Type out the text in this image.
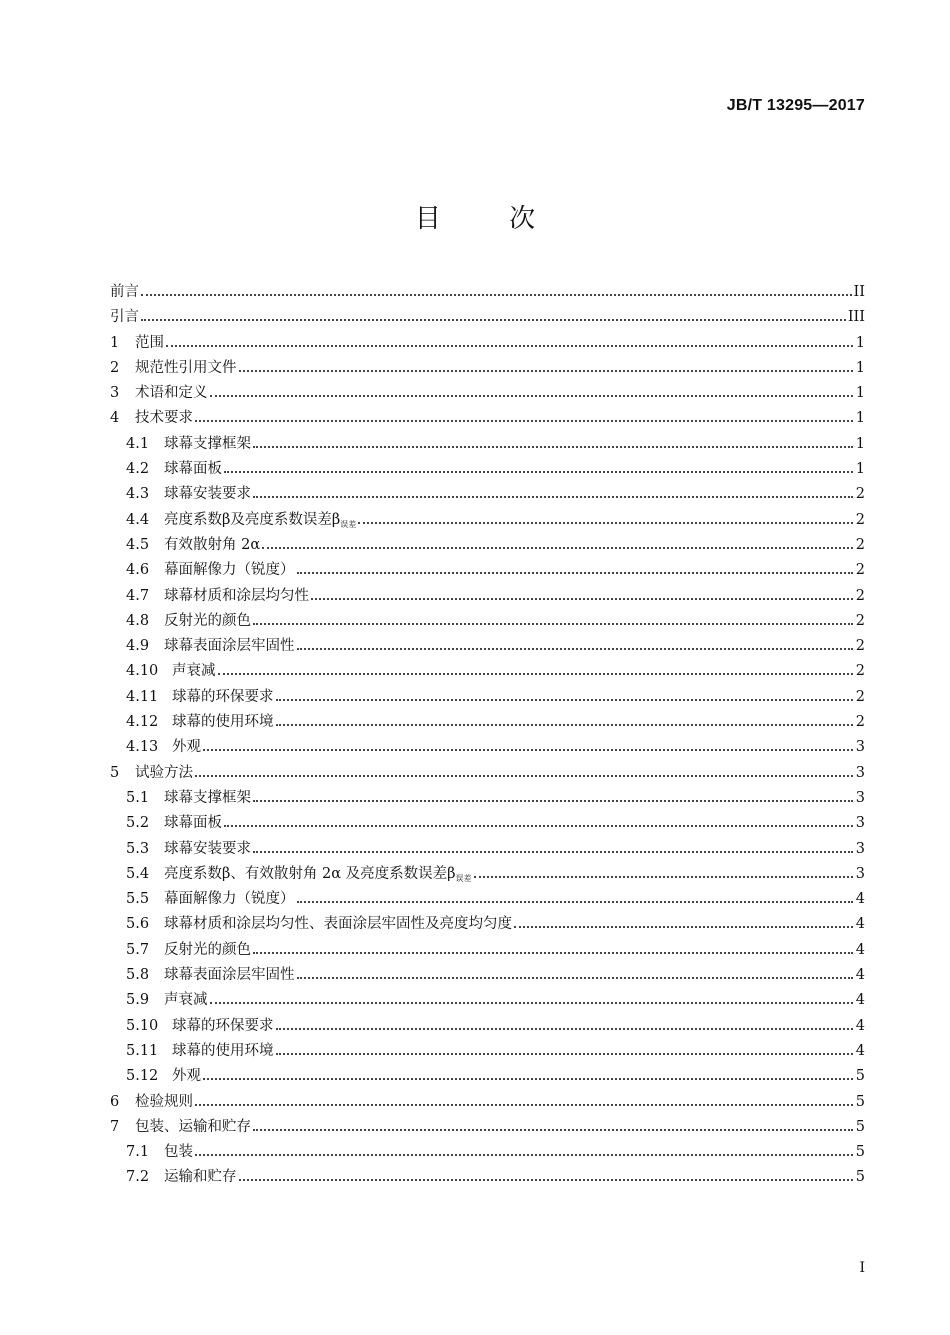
JB/T 13295—2017
目	次
前言	II
引言	III
1	范围	1
2	规范性引用文件	1
3	术语和定义	1
4	技术要求	1
4.1	球幕支撑框架	1
4.2	球幕面板	1
4.3	球幕安装要求	2
4.4	亮度系数β及亮度系数误差$\beta_{误差}$	2
4.5	有效散射角 2α	2
4.6	幕面解像力（锐度）	2
4.7	球幕材质和涂层均匀性	2
4.8	反射光的颜色	2
4.9	球幕表面涂层牢固性	2
4.10 声衰减	2
4.11 球幕的环保要求	2
4.12 球幕的使用环境	2
4.13 外观	3
5	试验方法	3
5.1	球幕支撑框架	3
5.2	球幕面板	3
5.3	球幕安装要求	3
5.4	亮度系数β、有效散射角 2α 及亮度系数误差$\beta_{误差}$	3
5.5	幕面解像力（锐度）	4
5.6	球幕材质和涂层均匀性、表面涂层牢固性及亮度均匀度	4
5.7	反射光的颜色	4
5.8	球幕表面涂层牢固性	4
5.9	声衰减	4
5.10 球幕的环保要求	4
5.11 球幕的使用环境	4
5.12 外观	5
6	检验规则	5
7	包装、运输和贮存	5
7.1	包装	5
7.2	运输和贮存	5
I
